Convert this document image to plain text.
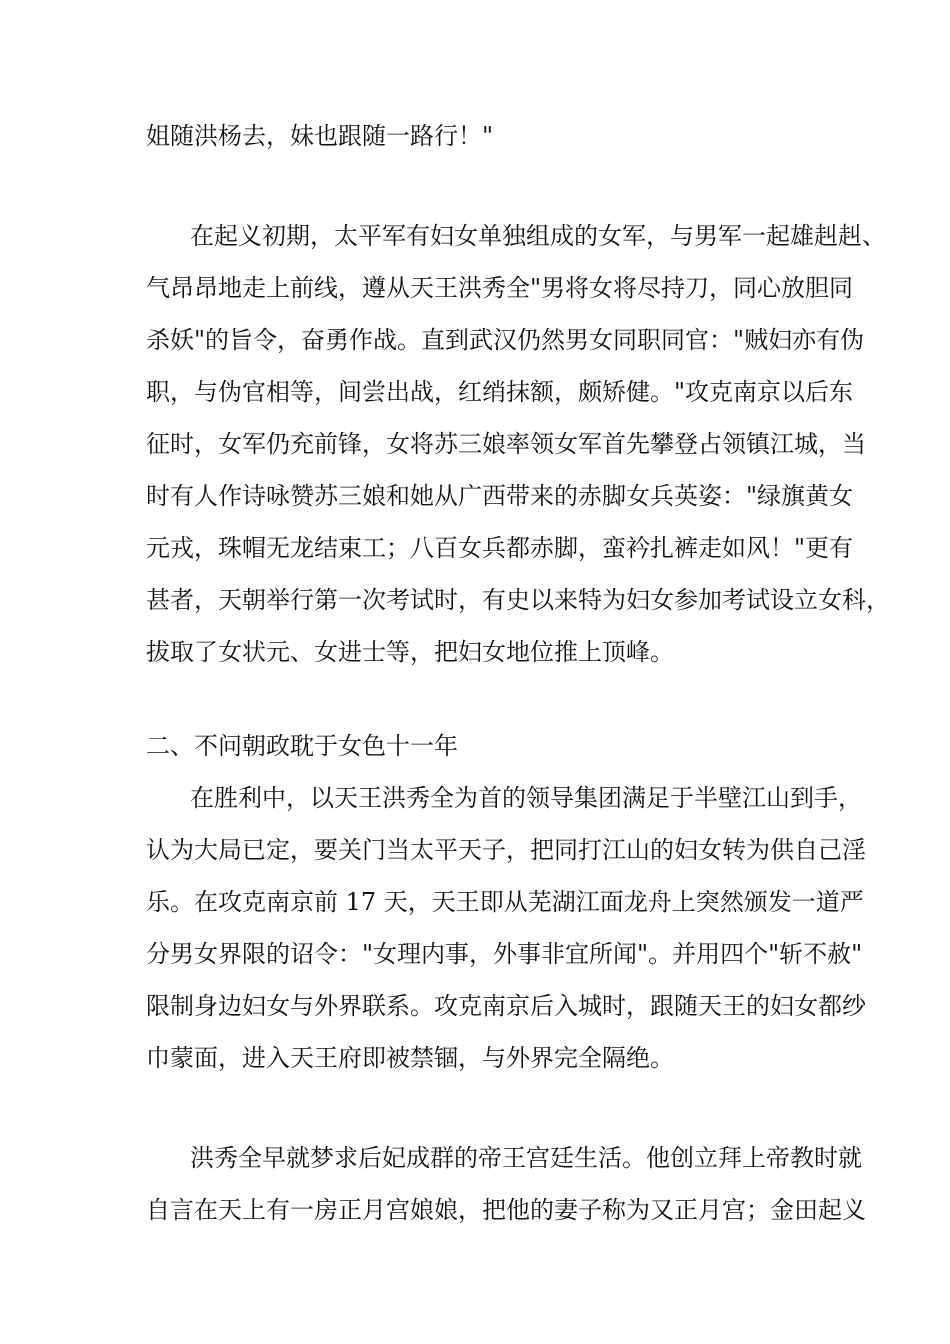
姐随洪杨去，妹也跟随一路行！"
在起义初期，太平军有妇女单独组成的女军，与男军一起雄赳赳、
气昂昂地走上前线，遵从天王洪秀全"男将女将尽持刀，同心放胆同
杀妖"的旨令，奋勇作战。直到武汉仍然男女同职同官："贼妇亦有伪
职，与伪官相等，间尝出战，红绡抹额，颇矫健。"攻克南京以后东
征时，女军仍充前锋，女将苏三娘率领女军首先攀登占领镇江城，当
时有人作诗咏赞苏三娘和她从广西带来的赤脚女兵英姿："绿旗黄女
元戎，珠帽无龙结束工；八百女兵都赤脚，蛮衿扎裤走如风！"更有
甚者，天朝举行第一次考试时，有史以来特为妇女参加考试设立女科，
拔取了女状元、女进士等，把妇女地位推上顶峰。
二、不问朝政耽于女色十一年
在胜利中，以天王洪秀全为首的领导集团满足于半壁江山到手，
认为大局已定，要关门当太平天子，把同打江山的妇女转为供自己淫
乐。在攻克南京前 17 天，天王即从芜湖江面龙舟上突然颁发一道严
分男女界限的诏令："女理内事，外事非宜所闻"。并用四个"斩不赦"
限制身边妇女与外界联系。攻克南京后入城时，跟随天王的妇女都纱
巾蒙面，进入天王府即被禁锢，与外界完全隔绝。
洪秀全早就梦求后妃成群的帝王宫廷生活。他创立拜上帝教时就
自言在天上有一房正月宫娘娘，把他的妻子称为又正月宫；金田起义
